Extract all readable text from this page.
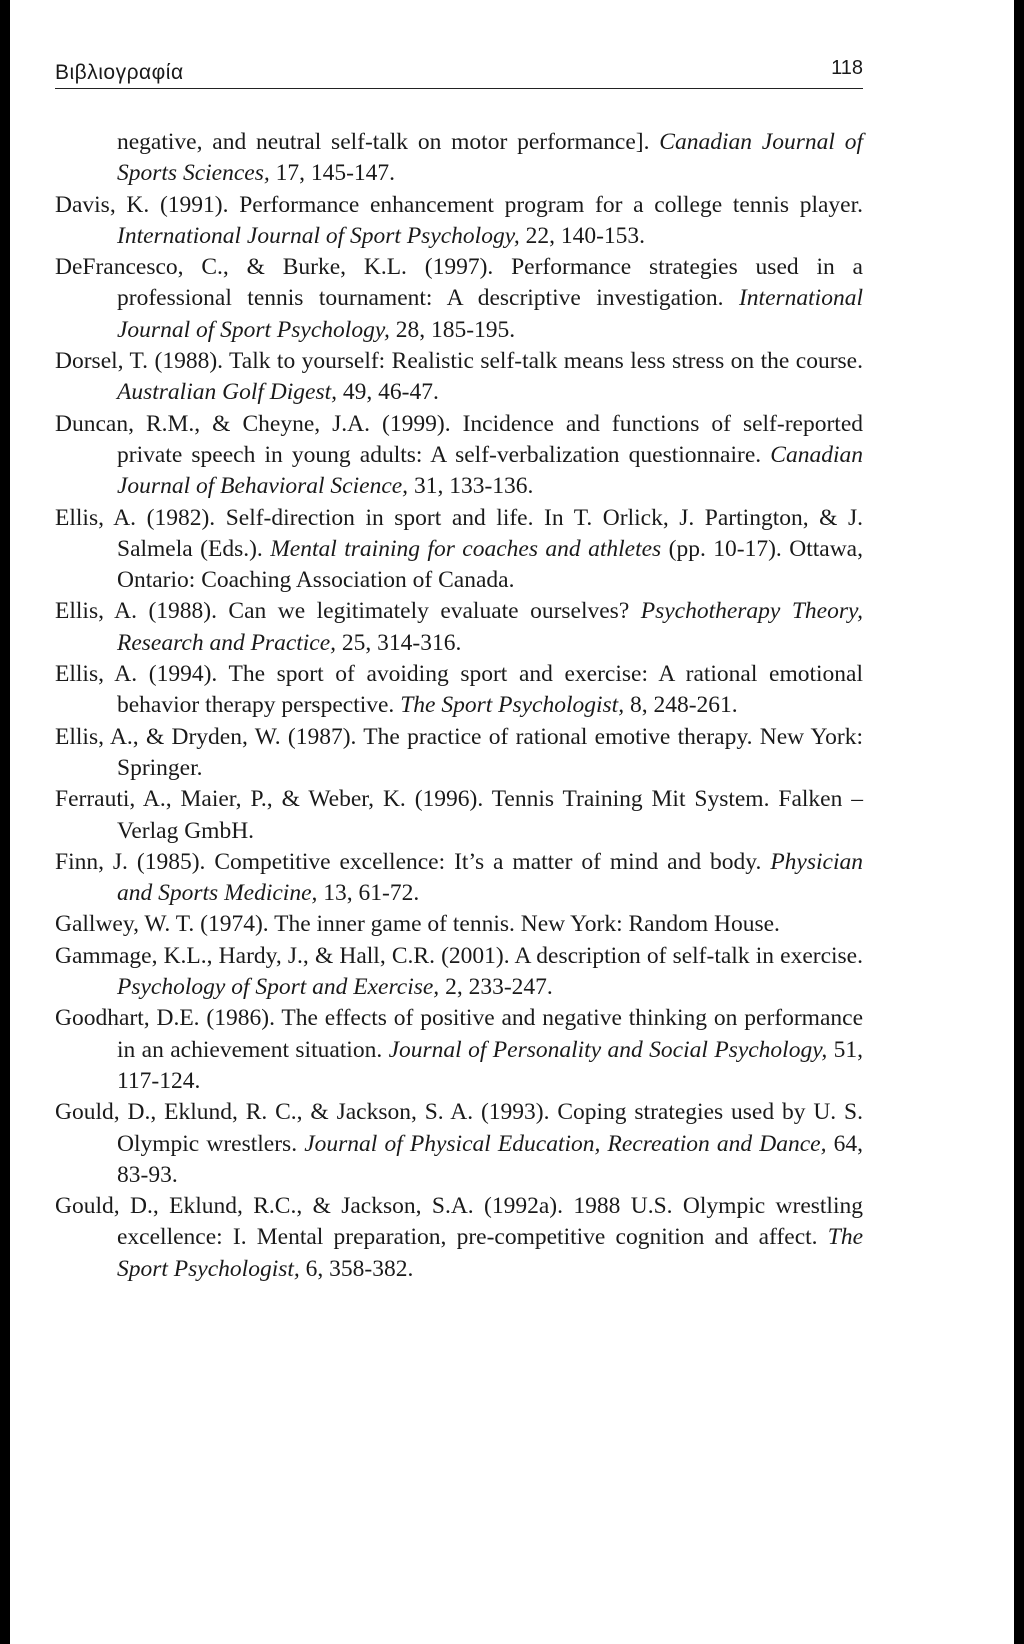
Βιβλιογραφία	118
negative, and neutral self-talk on motor performance]. Canadian Journal of Sports Sciences, 17, 145-147.
Davis, K. (1991). Performance enhancement program for a college tennis player. International Journal of Sport Psychology, 22, 140-153.
DeFrancesco, C., & Burke, K.L. (1997). Performance strategies used in a professional tennis tournament: A descriptive investigation. International Journal of Sport Psychology, 28, 185-195.
Dorsel, T. (1988). Talk to yourself: Realistic self-talk means less stress on the course. Australian Golf Digest, 49, 46-47.
Duncan, R.M., & Cheyne, J.A. (1999). Incidence and functions of self-reported private speech in young adults: A self-verbalization questionnaire. Canadian Journal of Behavioral Science, 31, 133-136.
Ellis, A. (1982). Self-direction in sport and life. In T. Orlick, J. Partington, & J. Salmela (Eds.). Mental training for coaches and athletes (pp. 10-17). Ottawa, Ontario: Coaching Association of Canada.
Ellis, A. (1988). Can we legitimately evaluate ourselves? Psychotherapy Theory, Research and Practice, 25, 314-316.
Ellis, A. (1994). The sport of avoiding sport and exercise: A rational emotional behavior therapy perspective. The Sport Psychologist, 8, 248-261.
Ellis, A., & Dryden, W. (1987). The practice of rational emotive therapy. New York: Springer.
Ferrauti, A., Maier, P., & Weber, K. (1996). Tennis Training Mit System. Falken – Verlag GmbH.
Finn, J. (1985). Competitive excellence: It’s a matter of mind and body. Physician and Sports Medicine, 13, 61-72.
Gallwey, W. T. (1974). The inner game of tennis. New York: Random House.
Gammage, K.L., Hardy, J., & Hall, C.R. (2001). A description of self-talk in exercise. Psychology of Sport and Exercise, 2, 233-247.
Goodhart, D.E. (1986). The effects of positive and negative thinking on performance in an achievement situation. Journal of Personality and Social Psychology, 51, 117-124.
Gould, D., Eklund, R. C., & Jackson, S. A. (1993). Coping strategies used by U. S. Olympic wrestlers. Journal of Physical Education, Recreation and Dance, 64, 83-93.
Gould, D., Eklund, R.C., & Jackson, S.A. (1992a). 1988 U.S. Olympic wrestling excellence: I. Mental preparation, pre-competitive cognition and affect. The Sport Psychologist, 6, 358-382.
